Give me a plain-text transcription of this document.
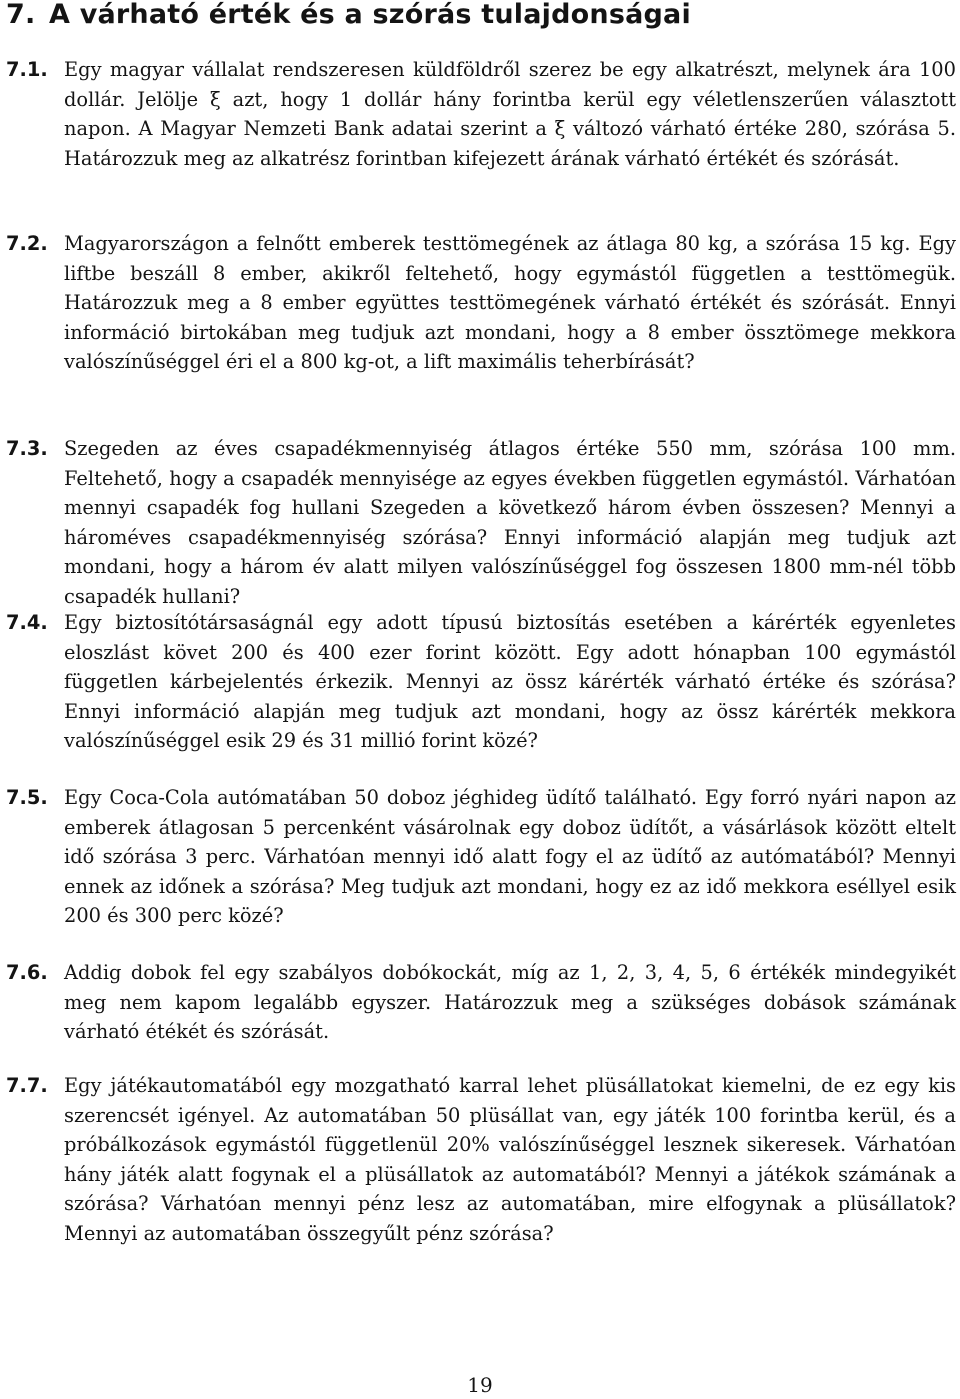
7. A várható érték és a szórás tulajdonságai
7.1. Egy magyar vállalat rendszeresen küldföldről szerez be egy alkatrészt, melynek ára 100 dollár. Jelölje ξ azt, hogy 1 dollár hány forintba kerül egy véletlenszerűen választott napon. A Magyar Nemzeti Bank adatai szerint a ξ változó várható értéke 280, szórása 5. Határozzuk meg az alkatrész forintban kifejezett árának várható értékét és szórását.
7.2. Magyarországon a felnőtt emberek testtömegének az átlaga 80 kg, a szórása 15 kg. Egy liftbe beszáll 8 ember, akikről feltehető, hogy egymástól független a testtömegük. Határozzuk meg a 8 ember együttes testtömegének várható értékét és szórását. Ennyi információ birtokában meg tudjuk azt mondani, hogy a 8 ember össztömege mekkora valószínűséggel éri el a 800 kg-ot, a lift maximális teherbírását?
7.3. Szegeden az éves csapadékmennyiség átlagos értéke 550 mm, szórása 100 mm. Feltehető, hogy a csapadék mennyisége az egyes években független egymástól. Várhatóan mennyi csapadék fog hullani Szegeden a következő három évben összesen? Mennyi a hároméves csapadékmennyiség szórása? Ennyi információ alapján meg tudjuk azt mondani, hogy a három év alatt milyen valószínűséggel fog összesen 1800 mm-nél több csapadék hullani?
7.4. Egy biztosítótársaságnál egy adott típusú biztosítás esetében a kárérték egyenletes eloszlást követ 200 és 400 ezer forint között. Egy adott hónapban 100 egymástól független kárbejelentés érkezik. Mennyi az össz kárérték várható értéke és szórása? Ennyi információ alapján meg tudjuk azt mondani, hogy az össz kárérték mekkora valószínűséggel esik 29 és 31 millió forint közé?
7.5. Egy Coca-Cola autómatában 50 doboz jéghideg üdítő található. Egy forró nyári napon az emberek átlagosan 5 percenként vásárolnak egy doboz üdítőt, a vásárlások között eltelt idő szórása 3 perc. Várhatóan mennyi idő alatt fogy el az üdítő az autómatából? Mennyi ennek az időnek a szórása? Meg tudjuk azt mondani, hogy ez az idő mekkora eséllyel esik 200 és 300 perc közé?
7.6. Addig dobok fel egy szabályos dobókockát, míg az 1, 2, 3, 4, 5, 6 értékék mindegyikét meg nem kapom legalább egyszer. Határozzuk meg a szükséges dobások számának várható étékét és szórását.
7.7. Egy játékautomatából egy mozgatható karral lehet plüsállatokat kiemelni, de ez egy kis szerencsét igényel. Az automatában 50 plüsállat van, egy játék 100 forintba kerül, és a próbálkozások egymástól függetlenül 20% valószínűséggel lesznek sikeresek. Várhatóan hány játék alatt fogynak el a plüsállatok az automatából? Mennyi a játékok számának a szórása? Várhatóan mennyi pénz lesz az automatában, mire elfogynak a plüsállatok? Mennyi az automatában összegyűlt pénz szórása?
19
